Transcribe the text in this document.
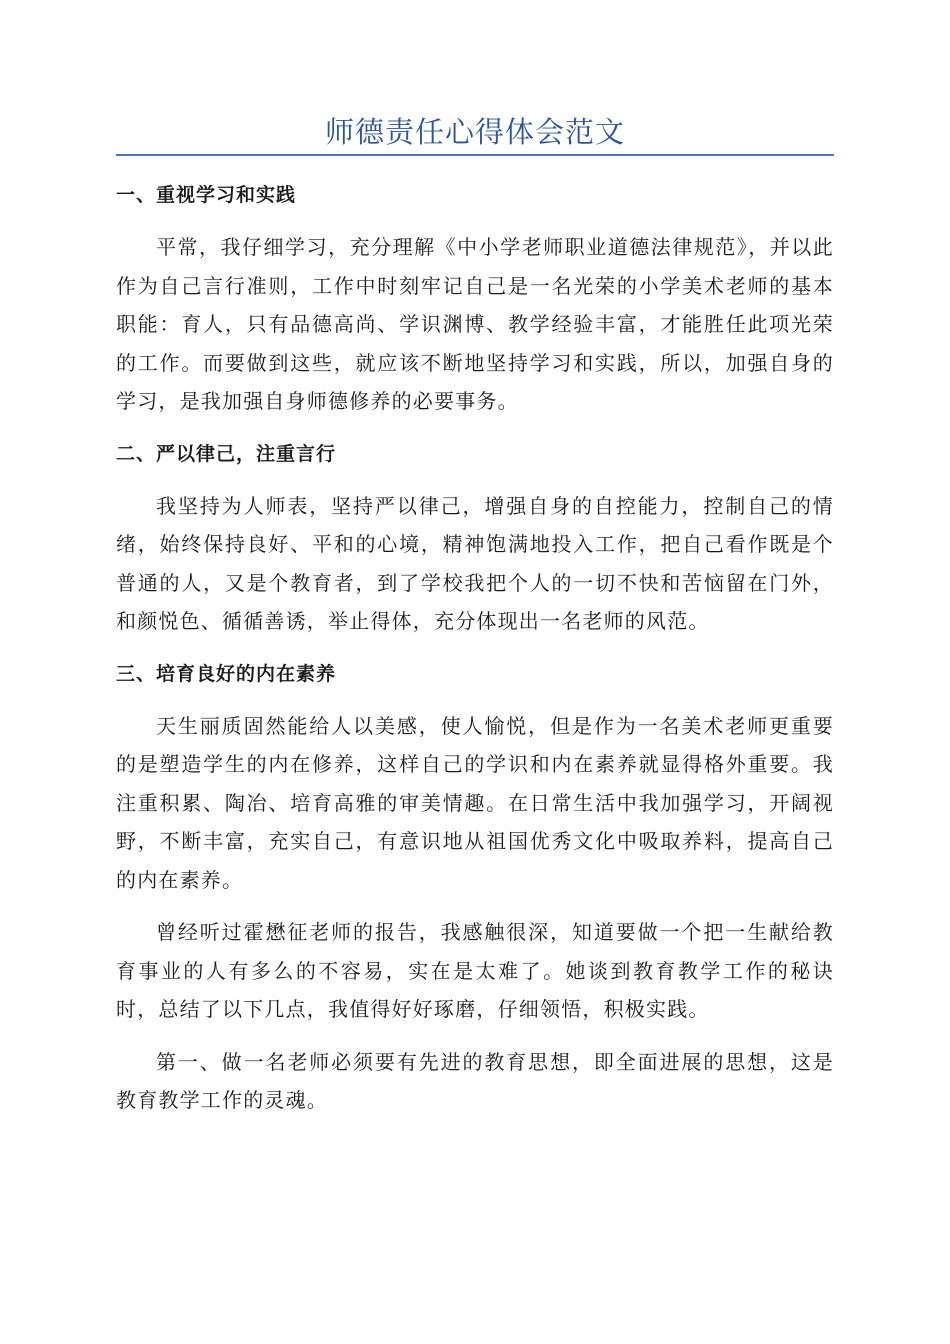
师德责任心得体会范文
一、重视学习和实践

平常，我仔细学习，充分理解《中小学老师职业道德法律规范》，并以此作为自己言行准则，工作中时刻牢记自己是一名光荣的小学美术老师的基本职能：育人，只有品德高尚、学识渊博、教学经验丰富，才能胜任此项光荣的工作。而要做到这些，就应该不断地坚持学习和实践，所以，加强自身的学习，是我加强自身师德修养的必要事务。

二、严以律己，注重言行

我坚持为人师表，坚持严以律己，增强自身的自控能力，控制自己的情绪，始终保持良好、平和的心境，精神饱满地投入工作，把自己看作既是个普通的人，又是个教育者，到了学校我把个人的一切不快和苦恼留在门外，和颜悦色、循循善诱，举止得体，充分体现出一名老师的风范。

三、培育良好的内在素养

天生丽质固然能给人以美感，使人愉悦，但是作为一名美术老师更重要的是塑造学生的内在修养，这样自己的学识和内在素养就显得格外重要。我注重积累、陶冶、培育高雅的审美情趣。在日常生活中我加强学习，开阔视野，不断丰富，充实自己，有意识地从祖国优秀文化中吸取养料，提高自己的内在素养。

曾经听过霍懋征老师的报告，我感触很深，知道要做一个把一生献给教育事业的人有多么的不容易，实在是太难了。她谈到教育教学工作的秘诀时，总结了以下几点，我值得好好琢磨，仔细领悟，积极实践。

第一、做一名老师必须要有先进的教育思想，即全面进展的思想，这是教育教学工作的灵魂。
